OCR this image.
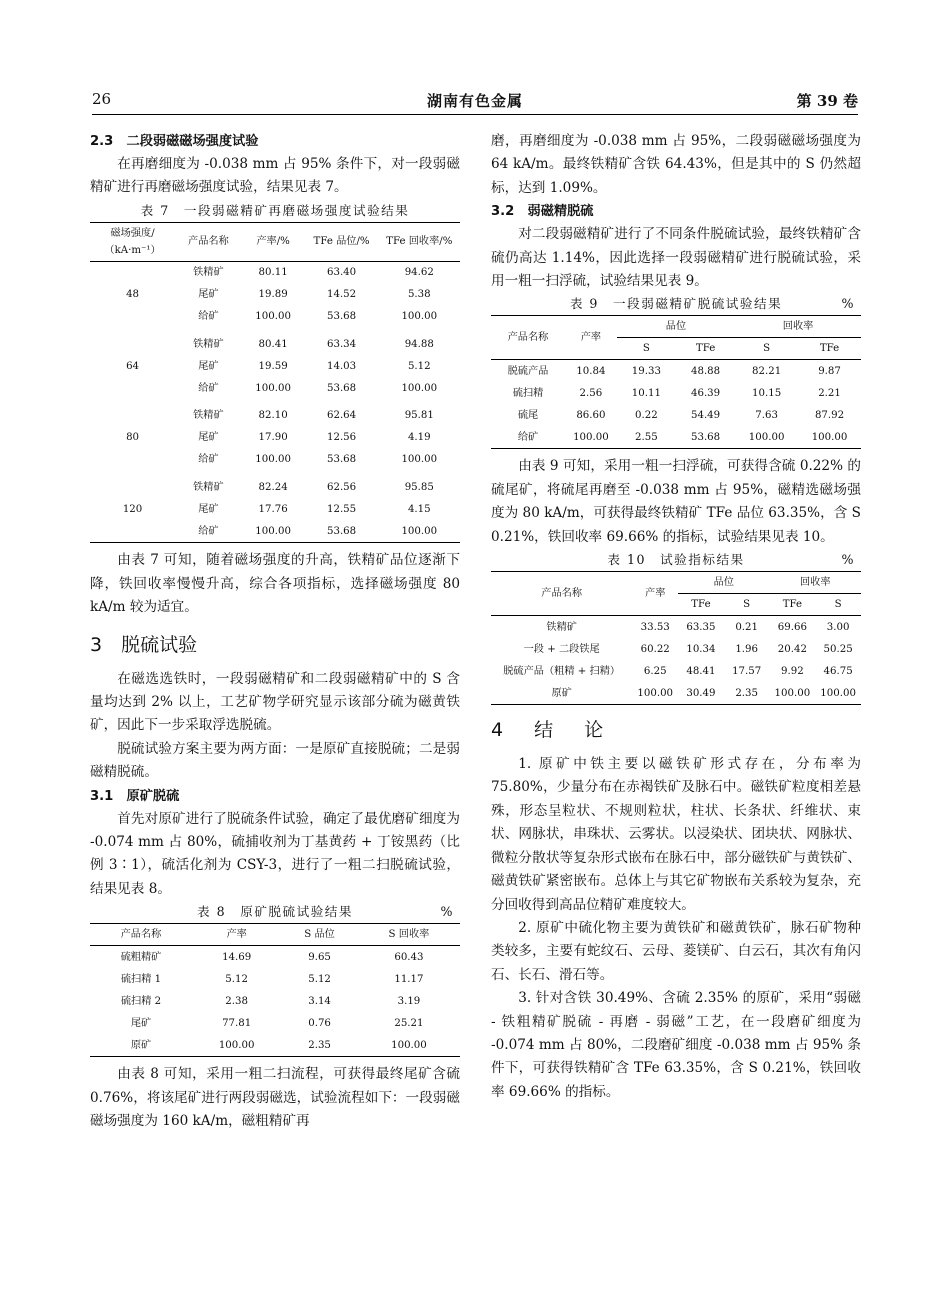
26	湖南有色金属	第 39 卷
2.3　二段弱磁磁场强度试验

在再磨细度为 -0.038 mm 占 95% 条件下，对一段弱磁精矿进行再磨磁场强度试验，结果见表 7。

表 7　一段弱磁精矿再磨磁场强度试验结果
磁场强度/（kA·m⁻¹）	产品名称	产率/%	TFe 品位/%	TFe 回收率/%
48	铁精矿	80.11	63.40	94.62
	尾矿	19.89	14.52	5.38
	给矿	100.00	53.68	100.00
64	铁精矿	80.41	63.34	94.88
	尾矿	19.59	14.03	5.12
	给矿	100.00	53.68	100.00
80	铁精矿	82.10	62.64	95.81
	尾矿	17.90	12.56	4.19
	给矿	100.00	53.68	100.00
120	铁精矿	82.24	62.56	95.85
	尾矿	17.76	12.55	4.15
	给矿	100.00	53.68	100.00

由表 7 可知，随着磁场强度的升高，铁精矿品位逐渐下降，铁回收率慢慢升高，综合各项指标，选择磁场强度 80 kA/m 较为适宜。

3　脱硫试验

在磁选选铁时，一段弱磁精矿和二段弱磁精矿中的 S 含量均达到 2% 以上，工艺矿物学研究显示该部分硫为磁黄铁矿，因此下一步采取浮选脱硫。

脱硫试验方案主要为两方面：一是原矿直接脱硫；二是弱磁精脱硫。

3.1　原矿脱硫

首先对原矿进行了脱硫条件试验，确定了最优磨矿细度为 -0.074 mm 占 80%，硫捕收剂为丁基黄药 + 丁铵黑药（比例 3∶1），硫活化剂为 CSY-3，进行了一粗二扫脱硫试验，结果见表 8。

表 8　原矿脱硫试验结果	%
产品名称	产率	S 品位	S 回收率
硫粗精矿	14.69	9.65	60.43
硫扫精 1	5.12	5.12	11.17
硫扫精 2	2.38	3.14	3.19
尾矿	77.81	0.76	25.21
原矿	100.00	2.35	100.00

由表 8 可知，采用一粗二扫流程，可获得最终尾矿含硫 0.76%，将该尾矿进行两段弱磁选，试验流程如下：一段弱磁磁场强度为 160 kA/m，磁粗精矿再

磨，再磨细度为 -0.038 mm 占 95%，二段弱磁磁场强度为 64 kA/m。最终铁精矿含铁 64.43%，但是其中的 S 仍然超标，达到 1.09%。

3.2　弱磁精脱硫

对二段弱磁精矿进行了不同条件脱硫试验，最终铁精矿含硫仍高达 1.14%，因此选择一段弱磁精矿进行脱硫试验，采用一粗一扫浮硫，试验结果见表 9。

表 9　一段弱磁精矿脱硫试验结果	%
产品名称	产率	品位		回收率	
		S	TFe	S	TFe
脱硫产品	10.84	19.33	48.88	82.21	9.87
硫扫精	2.56	10.11	46.39	10.15	2.21
硫尾	86.60	0.22	54.49	7.63	87.92
给矿	100.00	2.55	53.68	100.00	100.00

由表 9 可知，采用一粗一扫浮硫，可获得含硫 0.22% 的硫尾矿，将硫尾再磨至 -0.038 mm 占 95%，磁精选磁场强度为 80 kA/m，可获得最终铁精矿 TFe 品位 63.35%，含 S 0.21%，铁回收率 69.66% 的指标，试验结果见表 10。

表 10　试验指标结果	%
产品名称	产率	品位		回收率	
		TFe	S	TFe	S
铁精矿	33.53	63.35	0.21	69.66	3.00
一段 + 二段铁尾	60.22	10.34	1.96	20.42	50.25
脱硫产品（粗精 + 扫精）	6.25	48.41	17.57	9.92	46.75
原矿	100.00	30.49	2.35	100.00	100.00
4　结　论

1. 原矿中铁主要以磁铁矿形式存在，分布率为 75.80%，少量分布在赤褐铁矿及脉石中。磁铁矿粒度相差悬殊，形态呈粒状、不规则粒状，柱状、长条状、纤维状、束状、网脉状，串珠状、云雾状。以浸染状、团块状、网脉状、微粒分散状等复杂形式嵌布在脉石中，部分磁铁矿与黄铁矿、磁黄铁矿紧密嵌布。总体上与其它矿物嵌布关系较为复杂，充分回收得到高品位精矿难度较大。

2. 原矿中硫化物主要为黄铁矿和磁黄铁矿，脉石矿物种类较多，主要有蛇纹石、云母、菱镁矿、白云石，其次有角闪石、长石、滑石等。

3. 针对含铁 30.49%、含硫 2.35% 的原矿，采用“弱磁 - 铁粗精矿脱硫 - 再磨 - 弱磁”工艺，在一段磨矿细度为 -0.074 mm 占 80%，二段磨矿细度 -0.038 mm 占 95% 条件下，可获得铁精矿含 TFe 63.35%，含 S 0.21%，铁回收率 69.66% 的指标。
